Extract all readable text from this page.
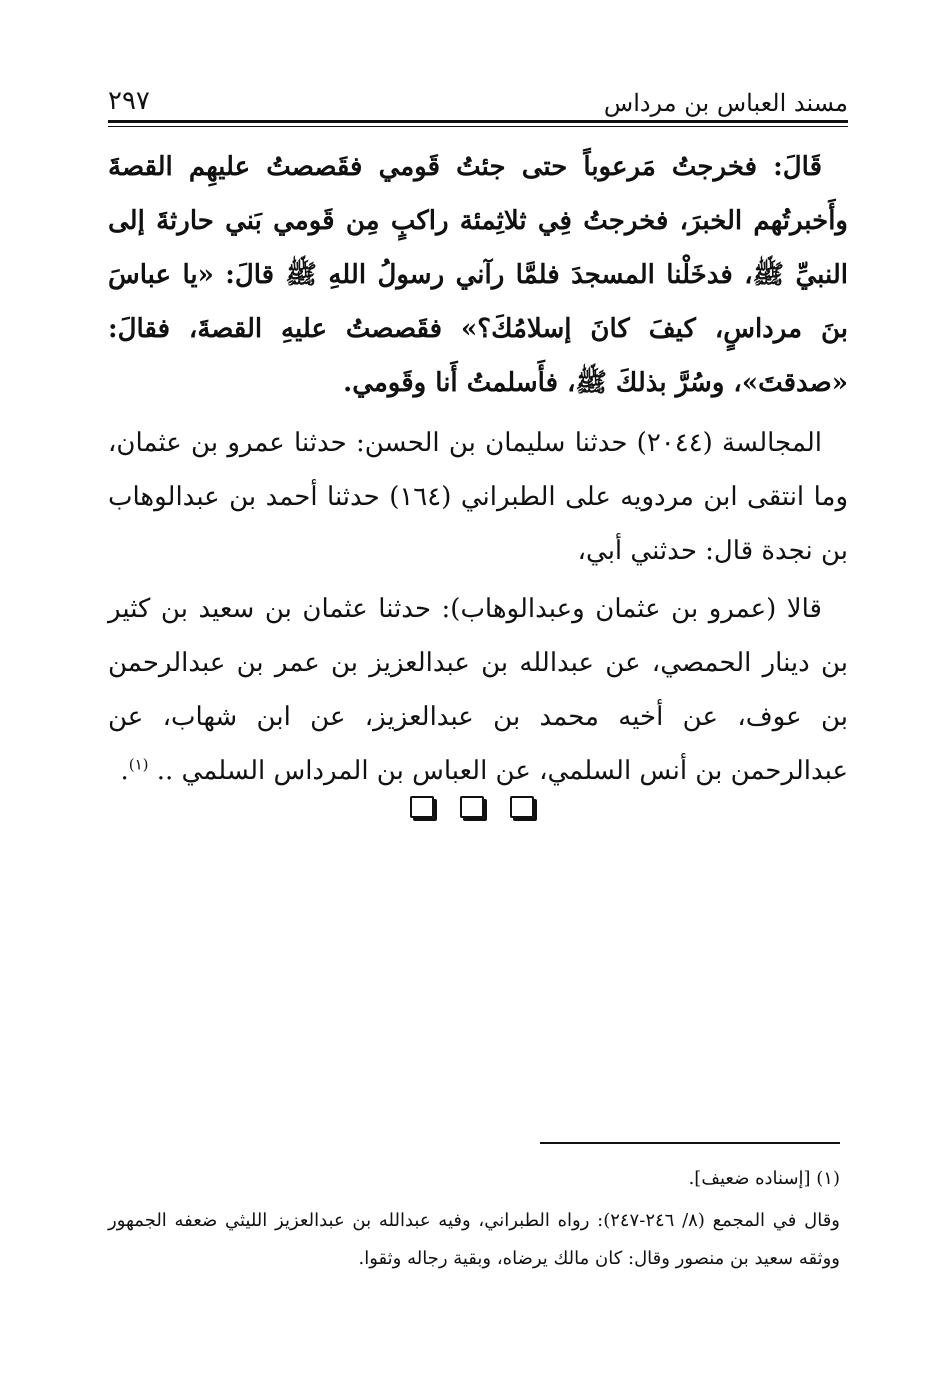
مسند العباس بن مرداس
٢٩٧

قَالَ: فخرجتُ مَرعوباً حتى جئتُ قَومي فقَصصتُ عليهِم القصةَ وأَخبرتُهم الخبرَ، فخرجتُ فِي ثلاثِمئة راكبٍ مِن قَومي بَني حارثةَ إلى النبيِّ ﷺ، فدخَلْنا المسجدَ فلمَّا رآني رسولُ اللهِ ﷺ قالَ: «يا عباسَ بنَ مرداسٍ، كيفَ كانَ إسلامُكَ؟» فقَصصتُ عليهِ القصةَ، فقالَ: «صدقتَ»، وسُرَّ بذلكَ ﷺ، فأَسلمتُ أَنا وقَومي.

المجالسة (٢٠٤٤) حدثنا سليمان بن الحسن: حدثنا عمرو بن عثمان، وما انتقى ابن مردويه على الطبراني (١٦٤) حدثنا أحمد بن عبدالوهاب بن نجدة قال: حدثني أبي،

قالا (عمرو بن عثمان وعبدالوهاب): حدثنا عثمان بن سعيد بن كثير بن دينار الحمصي، عن عبدالله بن عبدالعزيز بن عمر بن عبدالرحمن بن عوف، عن أخيه محمد بن عبدالعزيز، عن ابن شهاب، عن عبدالرحمن بن أنس السلمي، عن العباس بن المرداس السلمي .. $^{(١)}$.

(١) [إسناده ضعيف].

وقال في المجمع (٨/ ٢٤٦-٢٤٧): رواه الطبراني، وفيه عبدالله بن عبدالعزيز الليثي ضعفه الجمهور ووثقه سعيد بن منصور وقال: كان مالك يرضاه، وبقية رجاله وثقوا.
